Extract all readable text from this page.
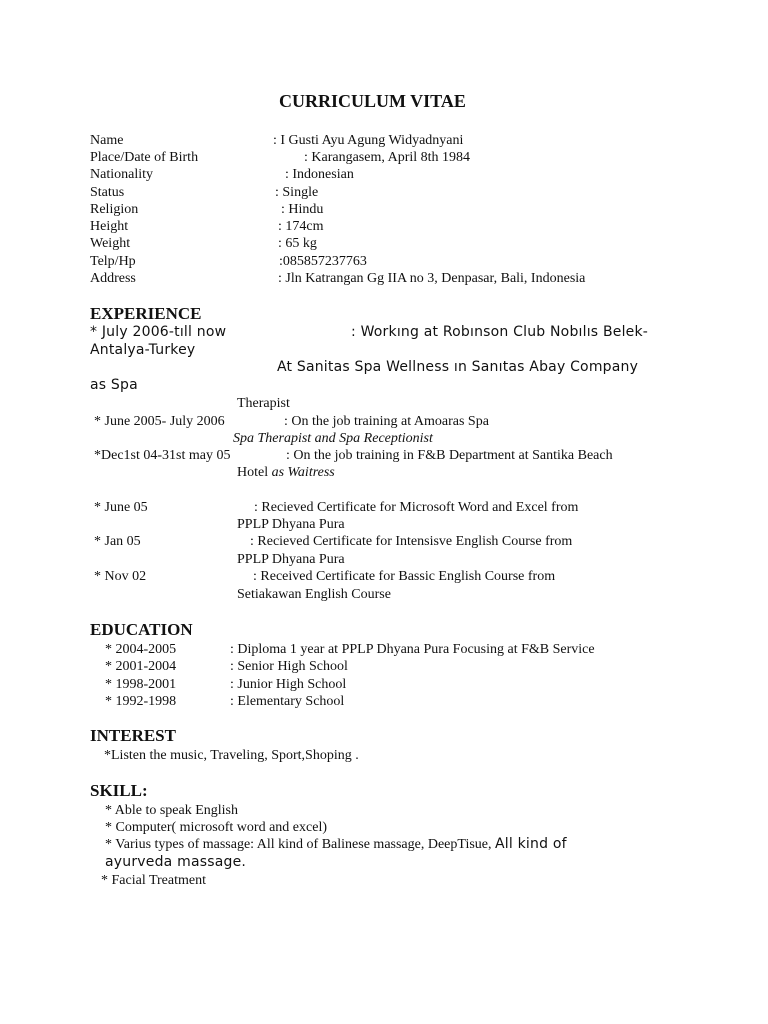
CURRICULUM VITAE
Name	: I Gusti Ayu Agung Widyadnyani
Place/Date of Birth	: Karangasem, April 8th 1984
Nationality	: Indonesian
Status	: Single
Religion	: Hindu
Height	: 174cm
Weight	: 65 kg
Telp/Hp	:085857237763
Address	: Jln Katrangan Gg IIA no 3, Denpasar, Bali, Indonesia
EXPERIENCE
* July 2006-tıll now	: Workıng at Robınson Club Nobılıs Belek-
Antalya-Turkey
At Sanitas Spa Wellness ın Sanıtas Abay Company
as Spa
Therapist
* June 2005- July 2006	: On the job training at Amoaras Spa
Spa Therapist and Spa Receptionist
*Dec1st 04-31st may 05	: On the job training in F&B Department at Santika Beach
Hotel as Waitress
* June 05	: Recieved Certificate for Microsoft Word and Excel from
PPLP Dhyana Pura
* Jan 05	: Recieved Certificate for Intensisve English Course from
PPLP Dhyana Pura
* Nov 02	: Received Certificate for Bassic English Course from
Setiakawan English Course
EDUCATION
* 2004-2005	: Diploma 1 year at PPLP Dhyana Pura Focusing at F&B Service
* 2001-2004	: Senior High School
* 1998-2001	: Junior High School
* 1992-1998	: Elementary School
INTEREST
*Listen the music, Traveling, Sport,Shoping .
SKILL:
* Able to speak English
* Computer( microsoft word and excel)
* Varius types of massage: All kind of Balinese massage, DeepTisue, All kind of
ayurveda massage.
* Facial Treatment
